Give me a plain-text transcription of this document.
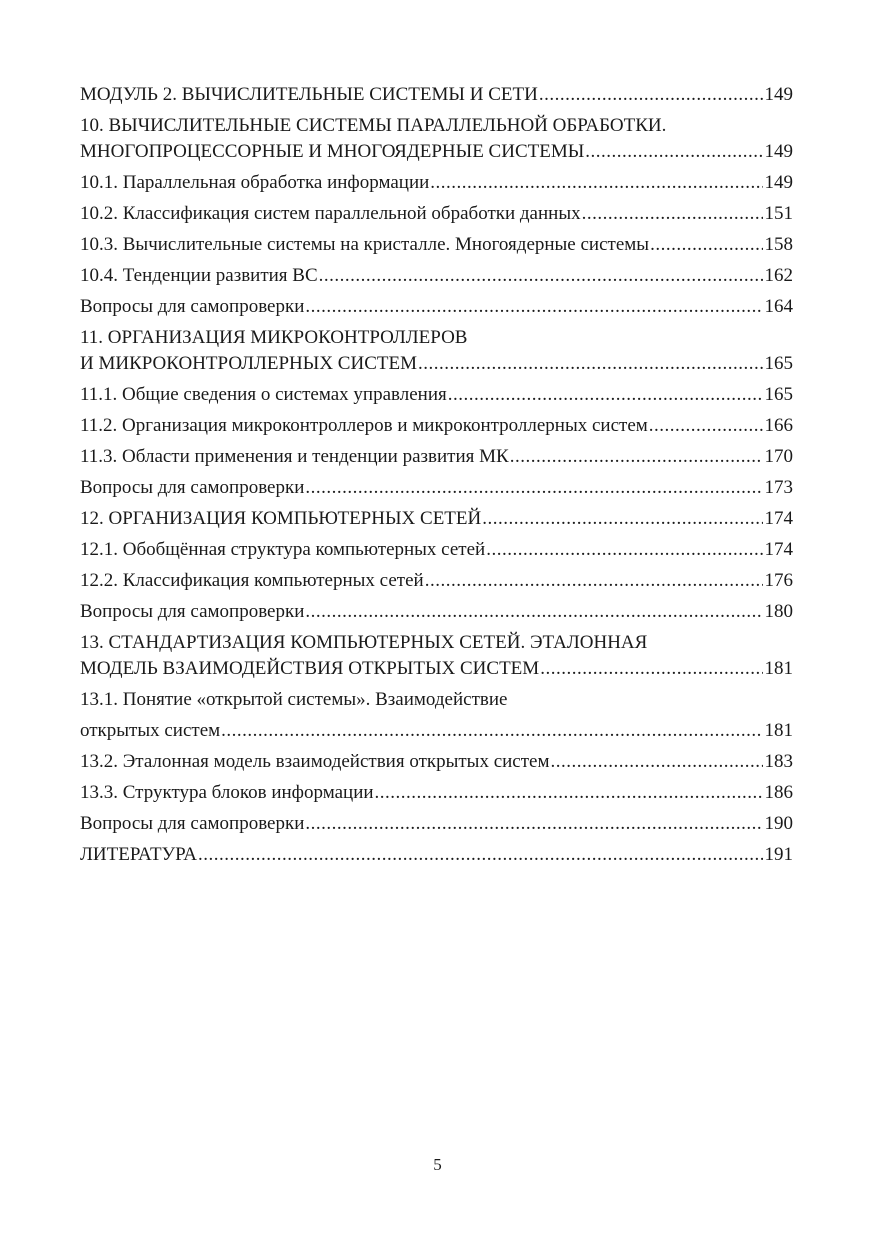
МОДУЛЬ 2. ВЫЧИСЛИТЕЛЬНЫЕ СИСТЕМЫ И СЕТИ .....	149
10. ВЫЧИСЛИТЕЛЬНЫЕ СИСТЕМЫ ПАРАЛЛЕЛЬНОЙ ОБРАБОТКИ.
МНОГОПРОЦЕССОРНЫЕ И МНОГОЯДЕРНЫЕ СИСТЕМЫ .....	149
10.1. Параллельная обработка информации .....	149
10.2. Классификация систем параллельной обработки данных .....	151
10.3. Вычислительные системы на кристалле. Многоядерные системы .....	158
10.4. Тенденции развития ВС .....	162
Вопросы для самопроверки .....	164
11. ОРГАНИЗАЦИЯ МИКРОКОНТРОЛЛЕРОВ
И МИКРОКОНТРОЛЛЕРНЫХ СИСТЕМ .....	165
11.1. Общие сведения о системах управления .....	165
11.2. Организация микроконтроллеров и микроконтроллерных систем .....	166
11.3. Области применения и тенденции развития МК .....	170
Вопросы для самопроверки .....	173
12. ОРГАНИЗАЦИЯ КОМПЬЮТЕРНЫХ СЕТЕЙ .....	174
12.1. Обобщённая структура компьютерных сетей .....	174
12.2. Классификация компьютерных сетей .....	176
Вопросы для самопроверки .....	180
13. СТАНДАРТИЗАЦИЯ КОМПЬЮТЕРНЫХ СЕТЕЙ. ЭТАЛОННАЯ
МОДЕЛЬ ВЗАИМОДЕЙСТВИЯ ОТКРЫТЫХ СИСТЕМ .....	181
13.1. Понятие «открытой системы». Взаимодействие
открытых систем .....	181
13.2. Эталонная модель взаимодействия открытых систем .....	183
13.3. Структура блоков информации .....	186
Вопросы для самопроверки .....	190
ЛИТЕРАТУРА .....	191
5
